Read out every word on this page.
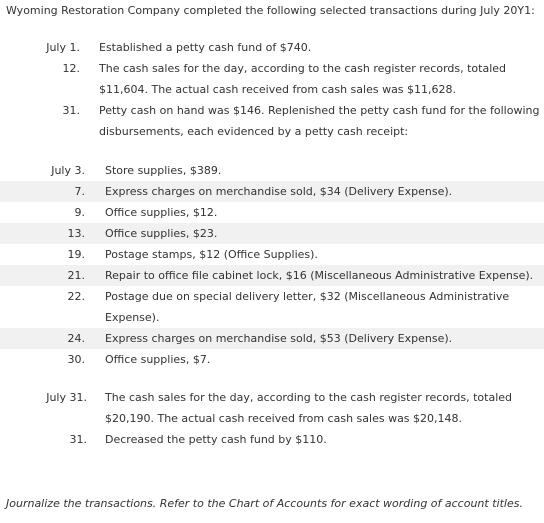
Wyoming Restoration Company completed the following selected transactions during July 20Y1:
July 1. Established a petty cash fund of $740.
12. The cash sales for the day, according to the cash register records, totaled
$11,604. The actual cash received from cash sales was $11,628.
31. Petty cash on hand was $146. Replenished the petty cash fund for the following
disbursements, each evidenced by a petty cash receipt:
July 3. Store supplies, $389.
7. Express charges on merchandise sold, $34 (Delivery Expense).
9. Office supplies, $12.
13. Office supplies, $23.
19. Postage stamps, $12 (Office Supplies).
21. Repair to office file cabinet lock, $16 (Miscellaneous Administrative Expense).
22. Postage due on special delivery letter, $32 (Miscellaneous Administrative
Expense).
24. Express charges on merchandise sold, $53 (Delivery Expense).
30. Office supplies, $7.
July 31. The cash sales for the day, according to the cash register records, totaled
$20,190. The actual cash received from cash sales was $20,148.
31. Decreased the petty cash fund by $110.
Journalize the transactions. Refer to the Chart of Accounts for exact wording of account titles.
